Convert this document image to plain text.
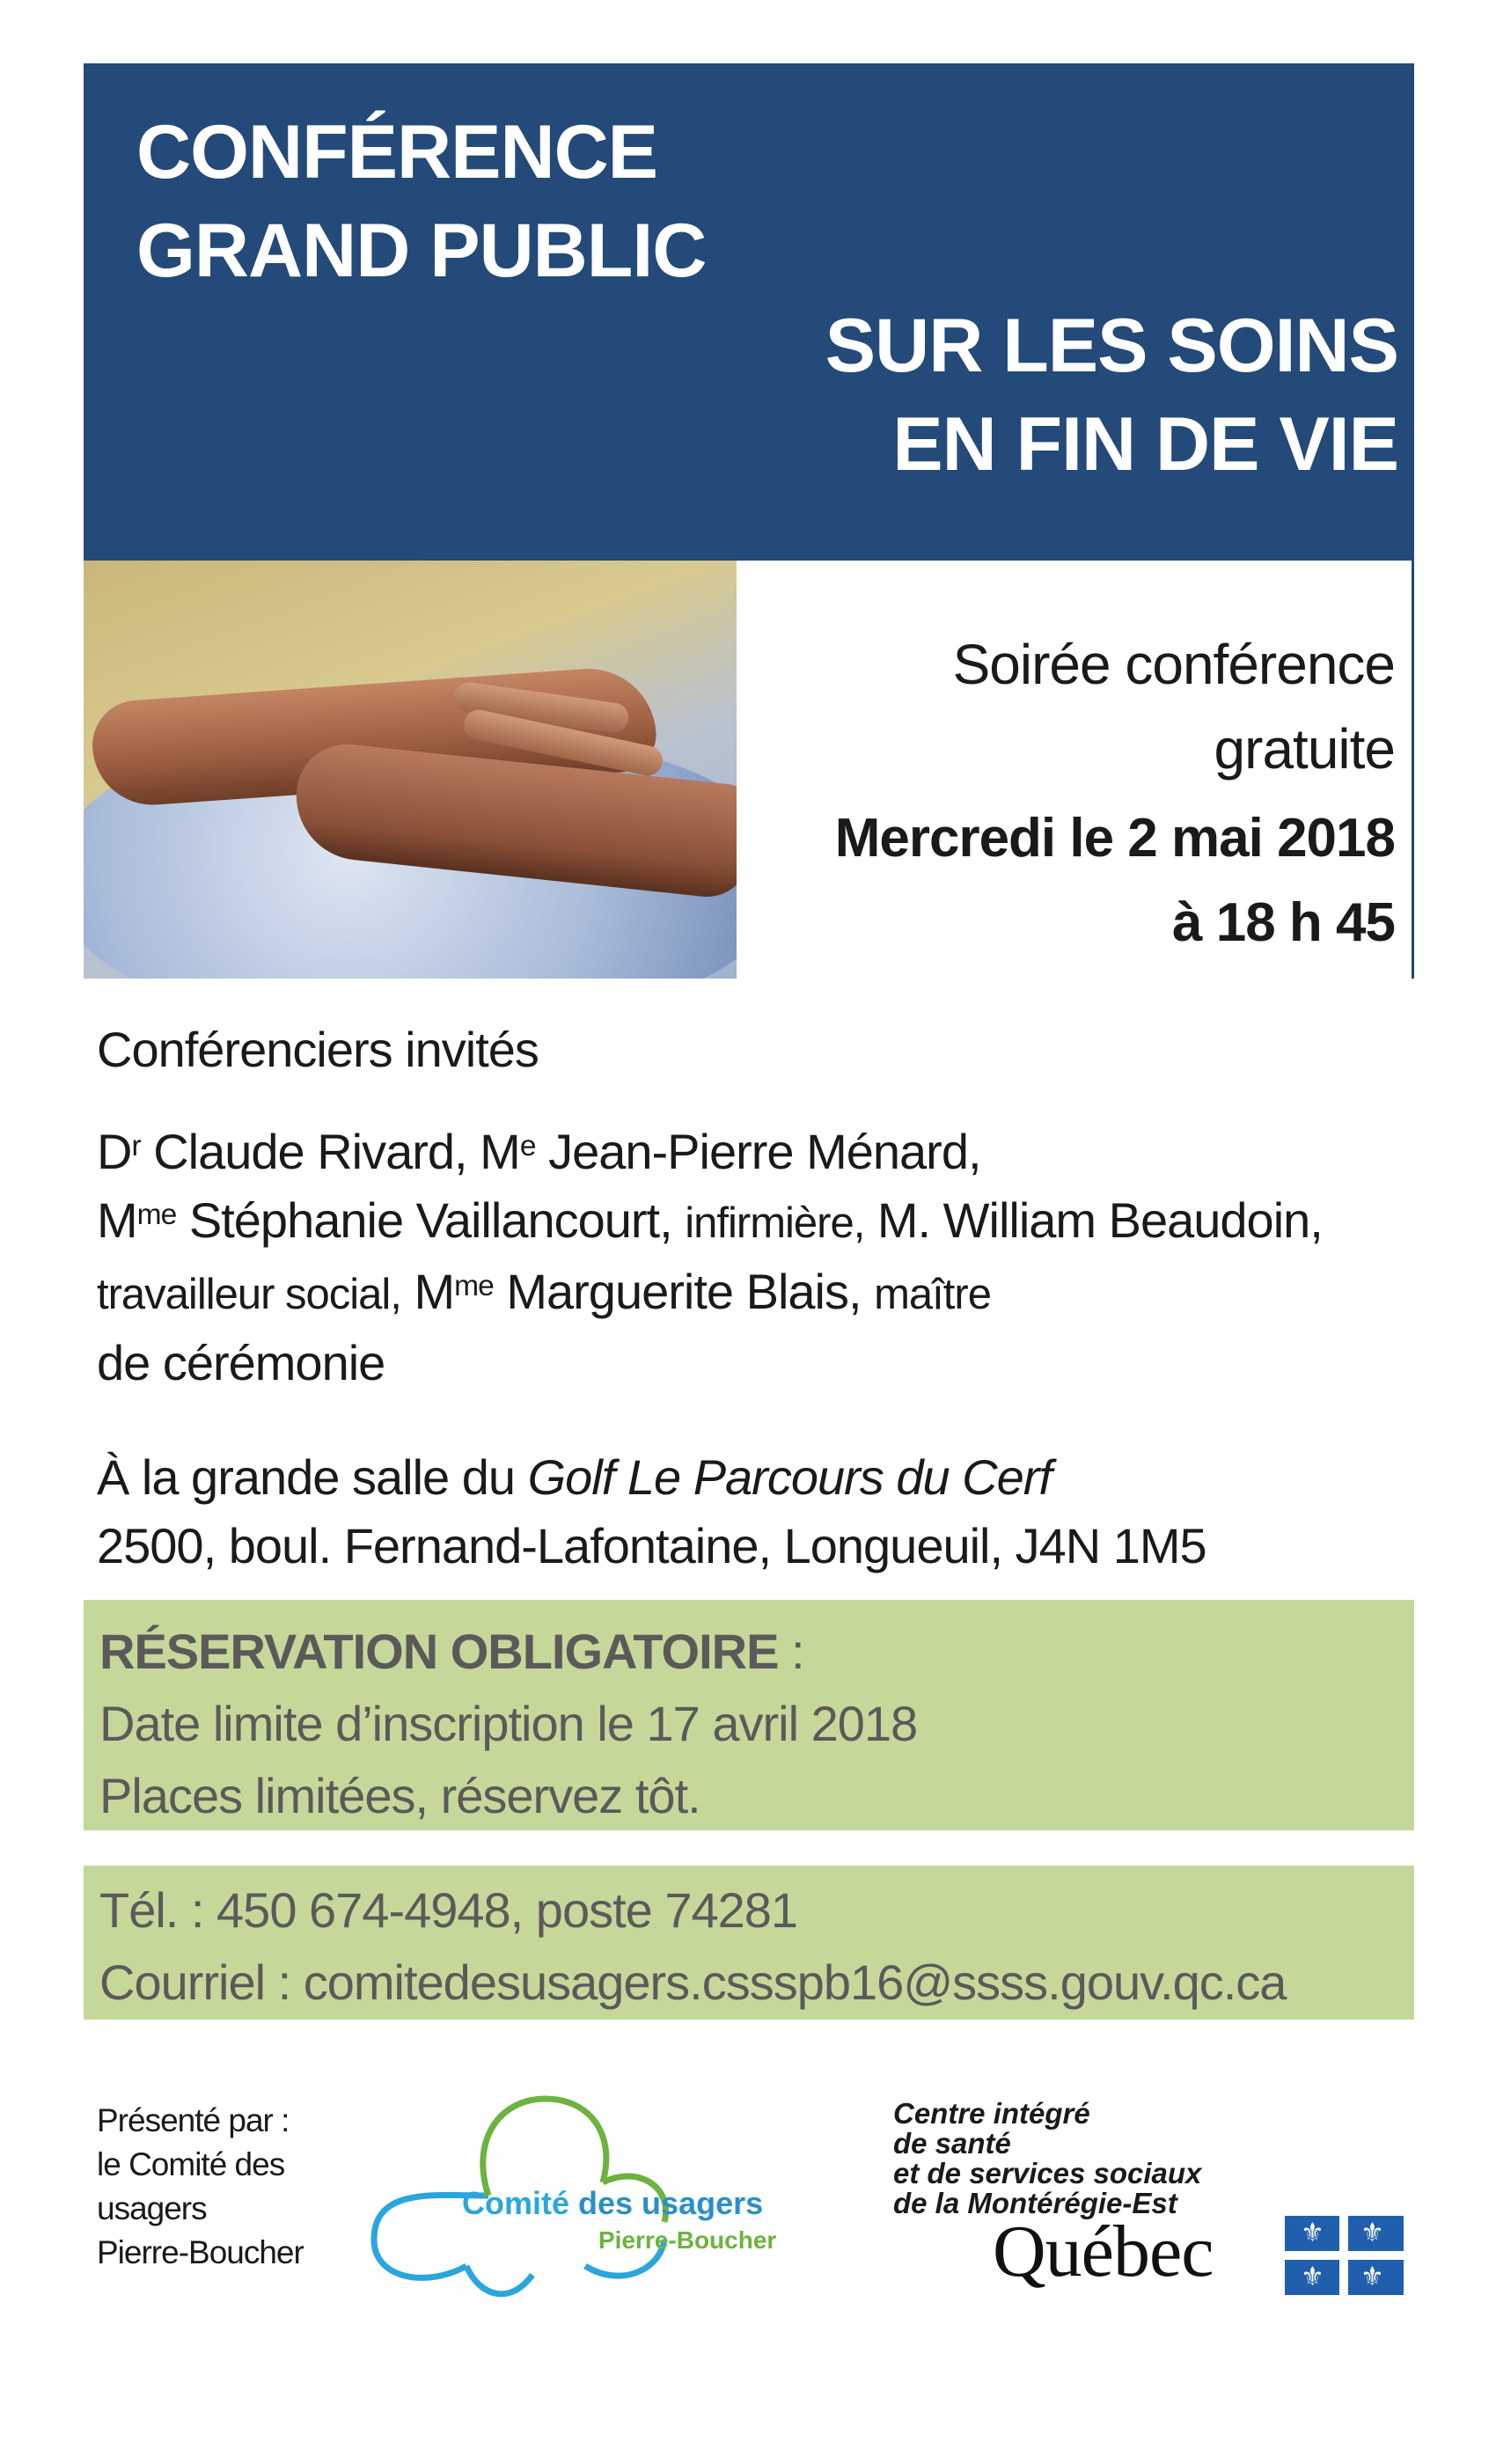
CONFÉRENCE
GRAND PUBLIC
SUR LES SOINS
EN FIN DE VIE
Soirée conférence
gratuite
Mercredi le 2 mai 2018
à 18 h 45
Conférenciers invités
$D^r$ Claude Rivard, Me Jean-Pierre Ménard,
$M^{me}$ Stéphanie Vaillancourt, infirmière, M. William Beaudoin, travailleur social, $M^{me}$ Marguerite Blais, maître
de cérémonie
À la grande salle du Golf Le Parcours du Cerf
2500, boul. Fernand-Lafontaine, Longueuil, J4N 1M5
RÉSERVATION OBLIGATOIRE :
Date limite d’inscription le 17 avril 2018
Places limitées, réservez tôt.
Tél. : 450 674-4948, poste 74281
Courriel : comitedesusagers.cssspb16@ssss.gouv.qc.ca
Présenté par :
le Comité des
usagers
Pierre-Boucher
Comité des usagers
Pierre-Boucher
Centre intégré
de santé
et de services sociaux
de la Montérégie-Est
Québec	⚜ ⚜
⚜ ⚜
